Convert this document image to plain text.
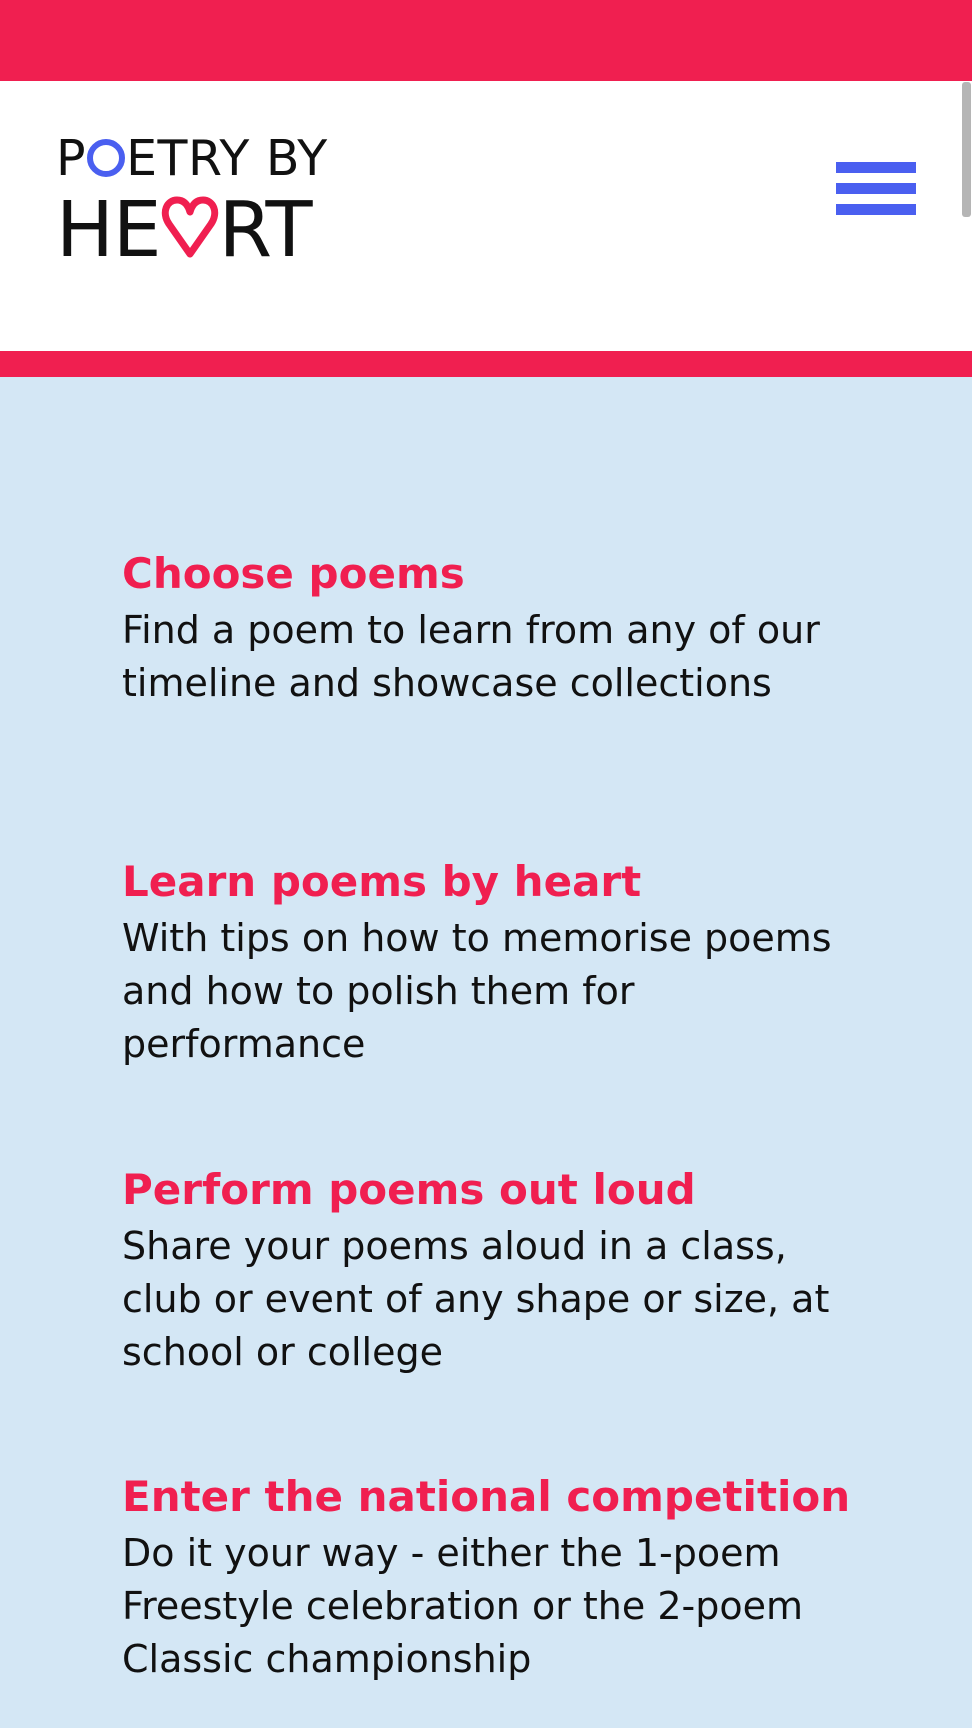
P ETRY BY
HE RT
Choose poems

Find a poem to learn from any of our timeline and showcase collections

Learn poems by heart

With tips on how to memorise poems and how to polish them for performance

Perform poems out loud

Share your poems aloud in a class, club or event of any shape or size, at school or college

Enter the national competition

Do it your way - either the 1-poem Freestyle celebration or the 2-poem Classic championship
